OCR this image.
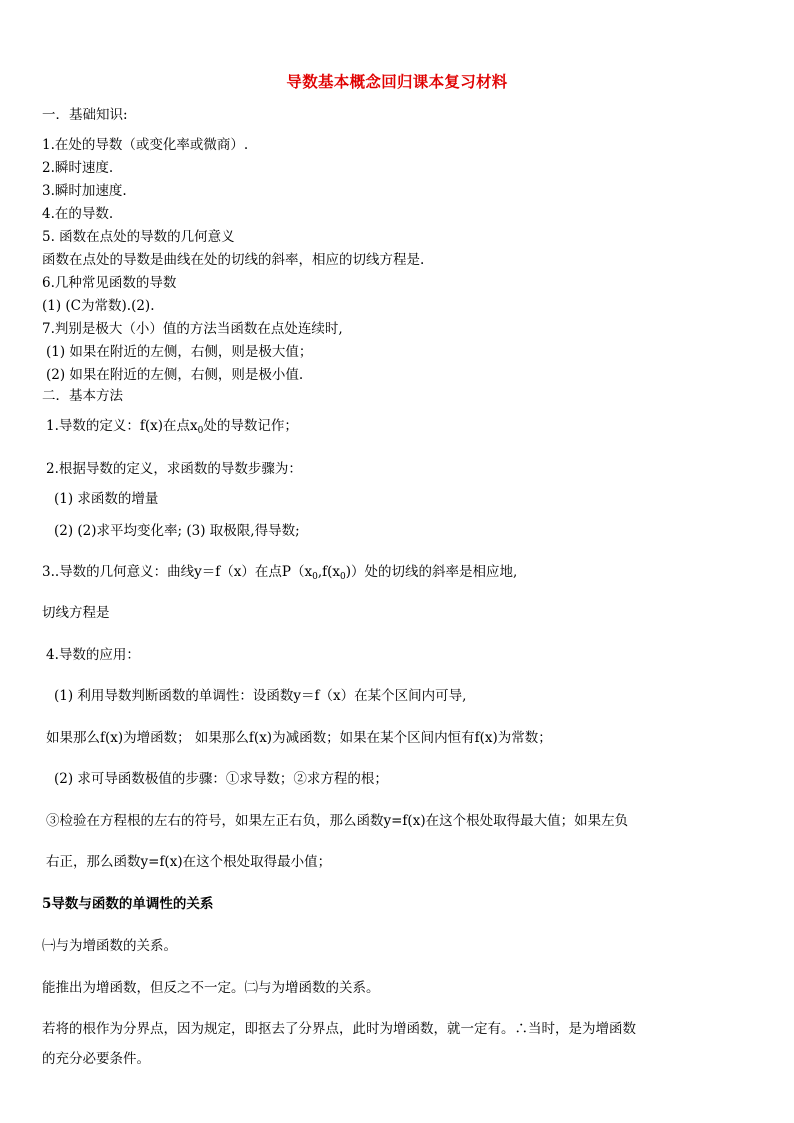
导数基本概念回归课本复习材料
一．基础知识:
1.在处的导数（或变化率或微商）.
2.瞬时速度.
3.瞬时加速度.
4.在的导数.
5. 函数在点处的导数的几何意义
函数在点处的导数是曲线在处的切线的斜率，相应的切线方程是.
6.几种常见函数的导数
(1) (C为常数).(2).
7.判别是极大（小）值的方法当函数在点处连续时,
(1) 如果在附近的左侧，右侧，则是极大值；
(2) 如果在附近的左侧，右侧，则是极小值.
二．基本方法
1.导数的定义：f(x)在点$x_0$处的导数记作；
2.根据导数的定义，求函数的导数步骤为：
(1) 求函数的增量
(2) (2)求平均变化率; (3) 取极限,得导数;
3..导数的几何意义：曲线y＝f（x）在点$P(x_0,f(x_0))$处的切线的斜率是相应地,
切线方程是
4.导数的应用：
(1) 利用导数判断函数的单调性：设函数y＝f（x）在某个区间内可导,
如果那么f(x)为增函数； 如果那么f(x)为减函数；如果在某个区间内恒有f(x)为常数；
(2) 求可导函数极值的步骤：①求导数；②求方程的根；
③检验在方程根的左右的符号，如果左正右负，那么函数y=f(x)在这个根处取得最大值；如果左负
右正，那么函数y=f(x)在这个根处取得最小值；
5导数与函数的单调性的关系
㈠与为增函数的关系。
能推出为增函数，但反之不一定。㈡与为增函数的关系。
若将的根作为分界点，因为规定，即抠去了分界点，此时为增函数，就一定有。∴当时，是为增函数
的充分必要条件。
